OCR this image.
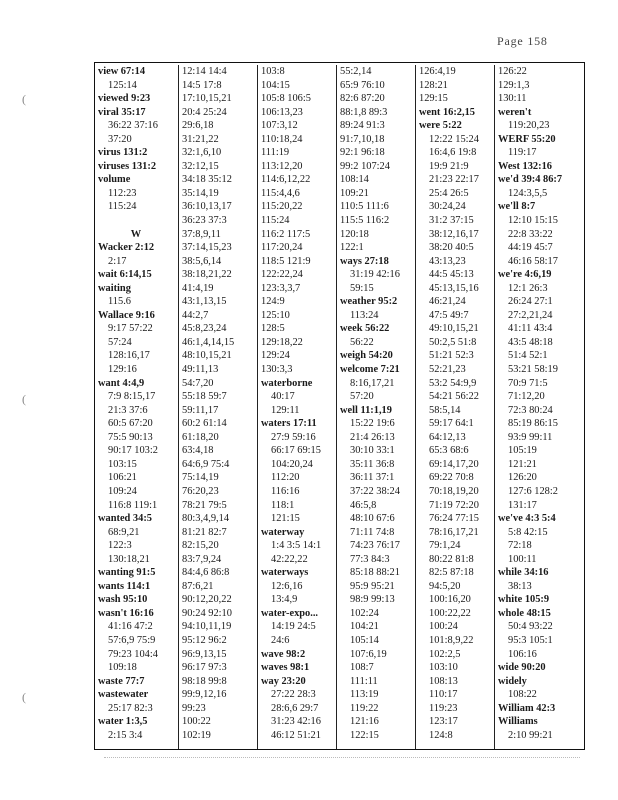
Page 158
(
(
(
view 67:14
125:14
viewed 9:23
viral 35:17
36:22 37:16
37:20
virus 131:2
viruses 131:2
volume
112:23
115:24
W
Wacker 2:12
2:17
wait 6:14,15
waiting
115.6
Wallace 9:16
9:17 57:22
57:24
128:16,17
129:16
want 4:4,9
7:9 8:15,17
21:3 37:6
60:5 67:20
75:5 90:13
90:17 103:2
103:15
106:21
109:24
116:8 119:1
wanted 34:5
68:9,21
122:3
130:18,21
wanting 91:5
wants 114:1
wash 95:10
wasn't 16:16
41:16 47:2
57:6,9 75:9
79:23 104:4
109:18
waste 77:7
wastewater
25:17 82:3
water 1:3,5
2:15 3:4
12:14 14:4
14:5 17:8
17:10,15,21
20:4 25:24
29:6,18
31:21,22
32:1,6,10
32:12,15
34:18 35:12
35:14,19
36:10,13,17
36:23 37:3
37:8,9,11
37:14,15,23
38:5,6,14
38:18,21,22
41:4,19
43:1,13,15
44:2,7
45:8,23,24
46:1,4,14,15
48:10,15,21
49:11,13
54:7,20
55:18 59:7
59:11,17
60:2 61:14
61:18,20
63:4,18
64:6,9 75:4
75:14,19
76:20,23
78:21 79:5
80:3,4,9,14
81:21 82:7
82:15,20
83:7,9,24
84:4,6 86:8
87:6,21
90:12,20,22
90:24 92:10
94:10,11,19
95:12 96:2
96:9,13,15
96:17 97:3
98:18 99:8
99:9,12,16
99:23
100:22
102:19
103:8
104:15
105:8 106:5
106:13,23
107:3,12
110:18,24
111:19
113:12,20
114:6,12,22
115:4,4,6
115:20,22
115:24
116:2 117:5
117:20,24
118:5 121:9
122:22,24
123:3,3,7
124:9
125:10
128:5
129:18,22
129:24
130:3,3
waterborne
40:17
129:11
waters 17:11
27:9 59:16
66:17 69:15
104:20,24
112:20
116:16
118:1
121:15
waterway
1:4 3:5 14:1
42:22,22
waterways
12:6,16
13:4,9
water-expo...
14:19 24:5
24:6
wave 98:2
waves 98:1
way 23:20
27:22 28:3
28:6,6 29:7
31:23 42:16
46:12 51:21
55:2,14
65:9 76:10
82:6 87:20
88:1,8 89:3
89:24 91:3
91:7,10,18
92:1 96:18
99:2 107:24
108:14
109:21
110:5 111:6
115:5 116:2
120:18
122:1
ways 27:18
31:19 42:16
59:15
weather 95:2
113:24
week 56:22
56:22
weigh 54:20
welcome 7:21
8:16,17,21
57:20
well 11:1,19
15:22 19:6
21:4 26:13
30:10 33:1
35:11 36:8
36:11 37:1
37:22 38:24
46:5,8
48:10 67:6
71:11 74:8
74:23 76:17
77:3 84:3
85:18 88:21
95:9 95:21
98:9 99:13
102:24
104:21
105:14
107:6,19
108:7
111:11
113:19
119:22
121:16
122:15
126:4,19
128:21
129:15
went 16:2,15
were 5:22
12:22 15:24
16:4,6 19:8
19:9 21:9
21:23 22:17
25:4 26:5
30:24,24
31:2 37:15
38:12,16,17
38:20 40:5
43:13,23
44:5 45:13
45:13,15,16
46:21,24
47:5 49:7
49:10,15,21
50:2,5 51:8
51:21 52:3
52:21,23
53:2 54:9,9
54:21 56:22
58:5,14
59:17 64:1
64:12,13
65:3 68:6
69:14,17,20
69:22 70:8
70:18,19,20
71:19 72:20
76:24 77:15
78:16,17,21
79:1,24
80:22 81:8
82:5 87:18
94:5,20
100:16,20
100:22,22
100:24
101:8,9,22
102:2,5
103:10
108:13
110:17
119:23
123:17
124:8
126:22
129:1,3
130:11
weren't
119:20,23
WERF 55:20
119:17
West 132:16
we'd 39:4 86:7
124:3,5,5
we'll 8:7
12:10 15:15
22:8 33:22
44:19 45:7
46:16 58:17
we're 4:6,19
12:1 26:3
26:24 27:1
27:2,21,24
41:11 43:4
43:5 48:18
51:4 52:1
53:21 58:19
70:9 71:5
71:12,20
72:3 80:24
85:19 86:15
93:9 99:11
105:19
121:21
126:20
127:6 128:2
131:17
we've 4:3 5:4
5:8 42:15
72:18
100:11
while 34:16
38:13
white 105:9
whole 48:15
50:4 93:22
95:3 105:1
106:16
wide 90:20
widely
108:22
William 42:3
Williams
2:10 99:21
